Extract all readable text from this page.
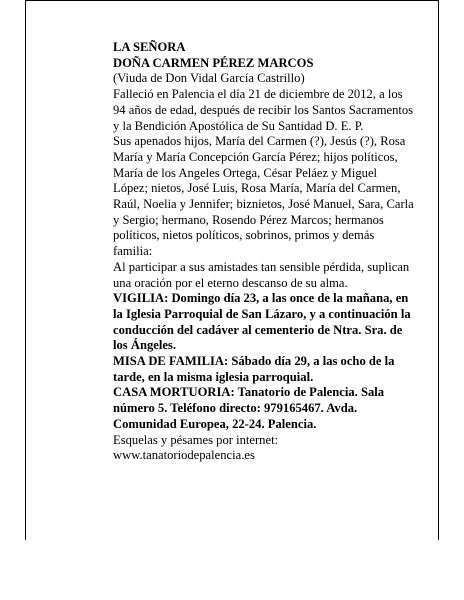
LA SEÑORA

DOÑA CARMEN PÉREZ MARCOS

(Viuda de Don Vidal García Castrillo)

Falleció en Palencia el día 21 de diciembre de 2012, a los 94 años de edad, después de recibir los Santos Sacramentos y la Bendición Apostólica de Su Santidad D. E. P.

Sus apenados hijos, María del Carmen (?), Jesús (?), Rosa María y María Concepción García Pérez; hijos políticos, María de los Angeles Ortega, César Peláez y Miguel López; nietos, José Luis, Rosa María, María del Carmen, Raúl, Noelia y Jennifer; biznietos, José Manuel, Sara, Carla y Sergio; hermano, Rosendo Pérez Marcos; hermanos políticos, nietos políticos, sobrinos, primos y demás familia:

Al participar a sus amistades tan sensible pérdida, suplican una oración por el eterno descanso de su alma.

VIGILIA: Domingo día 23, a las once de la mañana, en la Iglesia Parroquial de San Lázaro, y a continuación la conducción del cadáver al cementerio de Ntra. Sra. de los Ángeles.

MISA DE FAMILIA: Sábado día 29, a las ocho de la tarde, en la misma iglesia parroquial.

CASA MORTUORIA: Tanatorio de Palencia. Sala número 5. Teléfono directo: 979165467. Avda. Comunidad Europea, 22-24. Palencia.

Esquelas y pésames por internet:

www.tanatoriodepalencia.es
